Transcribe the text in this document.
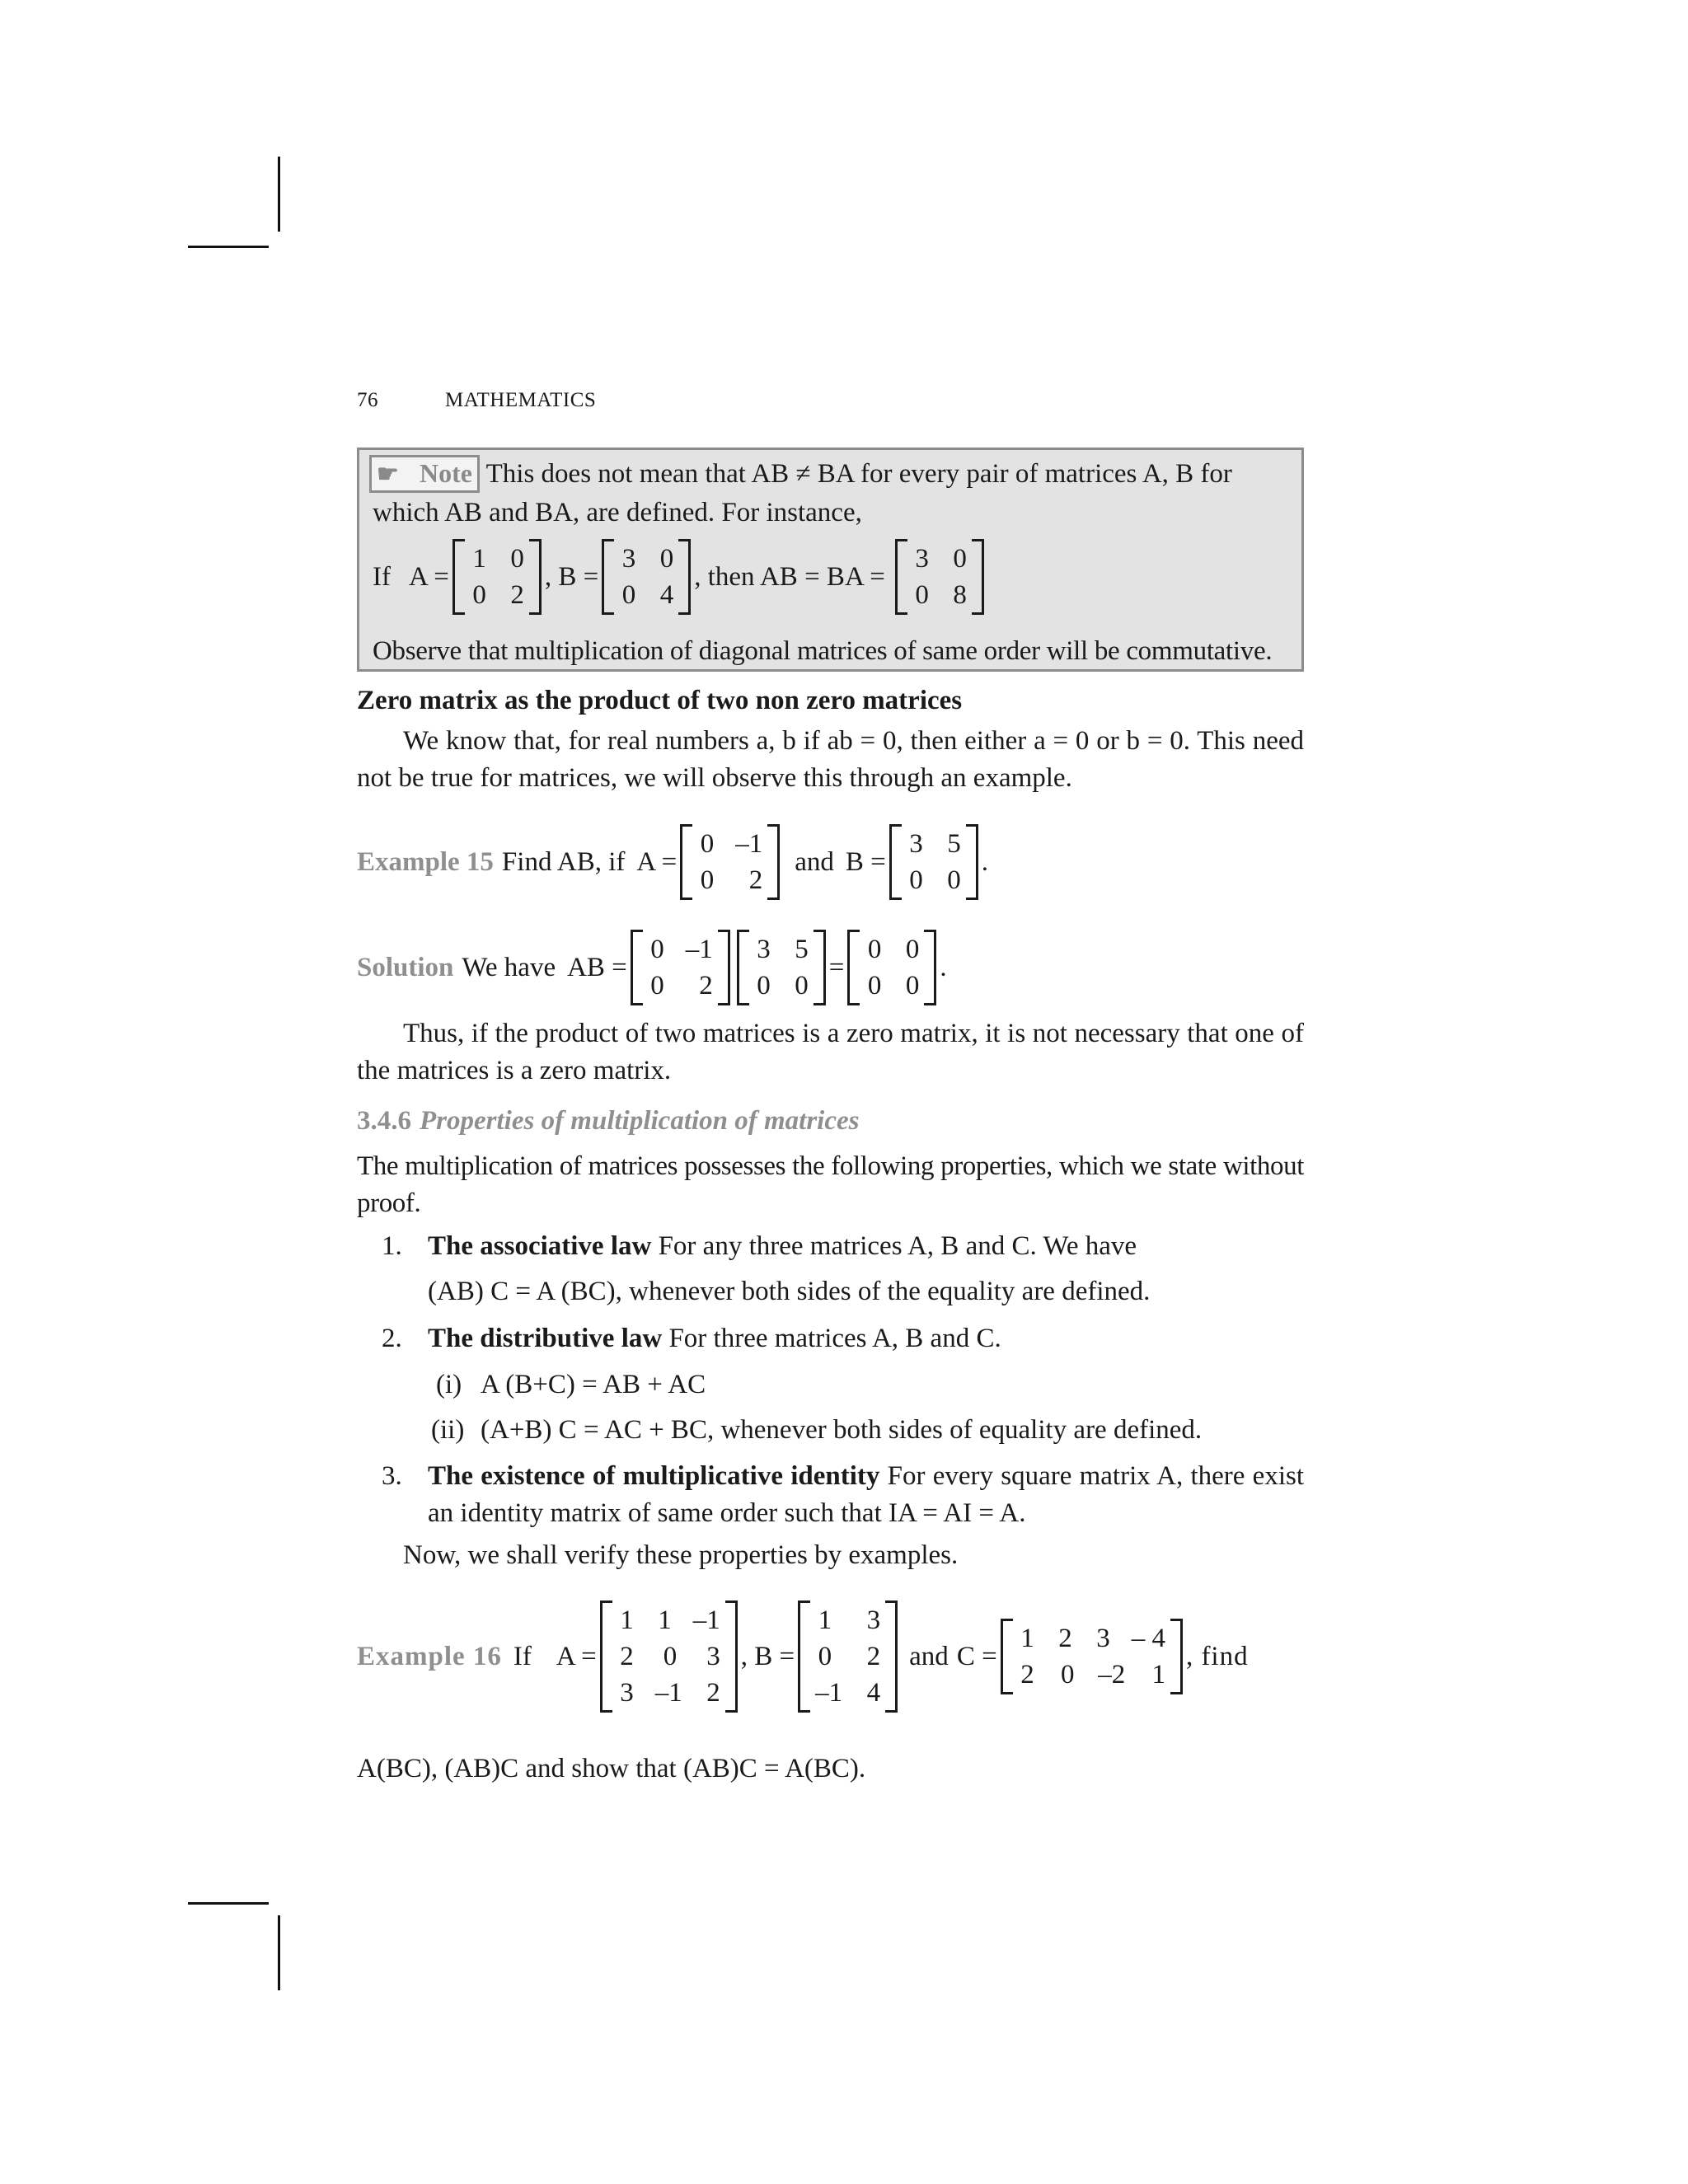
76	MATHEMATICS
☛ Note This does not mean that AB ≠ BA for every pair of matrices A, B for
which AB and BA, are defined. For instance,
If A =
1 0
0 2
, B =
3 0
0 4
, then AB = BA =
3 0
0 8
Observe that multiplication of diagonal matrices of same order will be commutative.
Zero matrix as the product of two non zero matrices
We know that, for real numbers a, b if ab = 0, then either a = 0 or b = 0. This need not be true for matrices, we will observe this through an example.
Example 15 Find AB, if A =
0 –1
0 2
and B =
3 5
0 0
.
Solution We have AB =
0 –1
0 2
3 5
0 0
=
0 0
0 0
.
Thus, if the product of two matrices is a zero matrix, it is not necessary that one of the matrices is a zero matrix.
3.4.6 Properties of multiplication of matrices
The multiplication of matrices possesses the following properties, which we state without proof.
1. The associative law For any three matrices A, B and C. We have
(AB) C = A (BC), whenever both sides of the equality are defined.
2. The distributive law For three matrices A, B and C.
(i) A (B+C) = AB + AC
(ii) (A+B) C = AC + BC, whenever both sides of equality are defined.
3. The existence of multiplicative identity For every square matrix A, there exist an identity matrix of same order such that IA = AI = A.
Now, we shall verify these properties by examples.
Example 16 If A =
1 1 –1
2 0 3
3 –1 2
, B =
1 3
0 2
–1 4
and C =
1 2 3 – 4
2 0 –2 1
, find
A(BC), (AB)C and show that (AB)C = A(BC).
